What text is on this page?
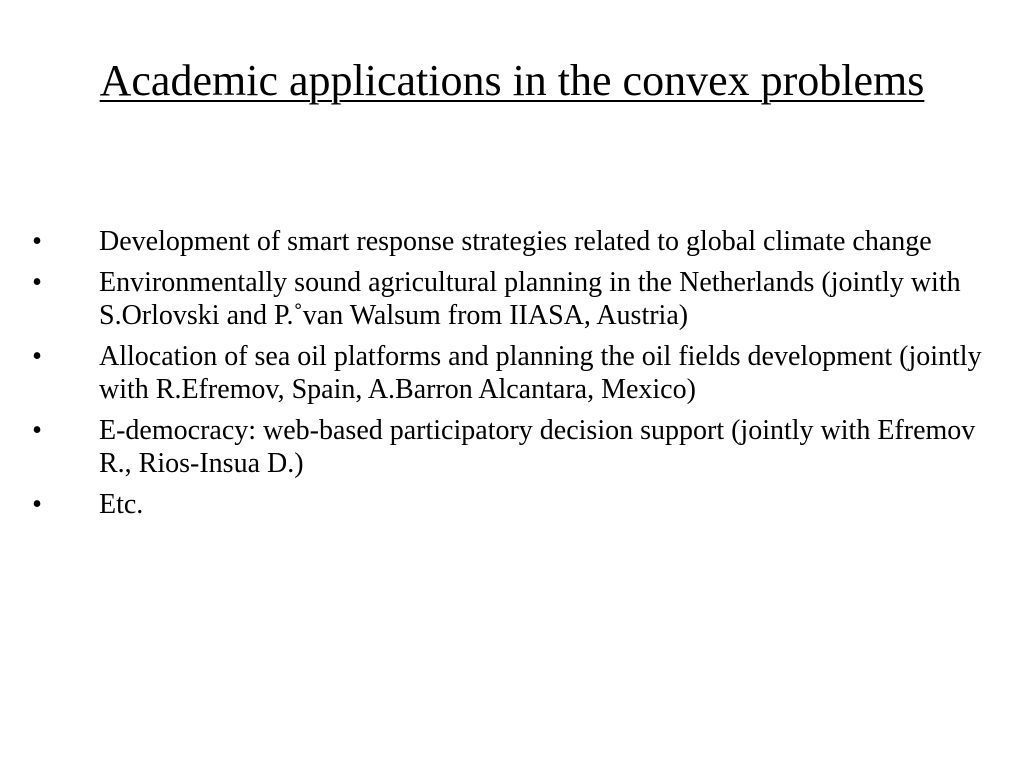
Academic applications in the convex problems
• Development of smart response strategies related to global climate change
• Environmentally sound agricultural planning in the Netherlands (jointly with S.Orlovski and P.˚van Walsum from IIASA, Austria)
• Allocation of sea oil platforms and planning the oil fields development (jointly with R.Efremov, Spain, A.Barron Alcantara, Mexico)
• E-democracy: web-based participatory decision support (jointly with Efremov R., Rios-Insua D.)
• Etc.
